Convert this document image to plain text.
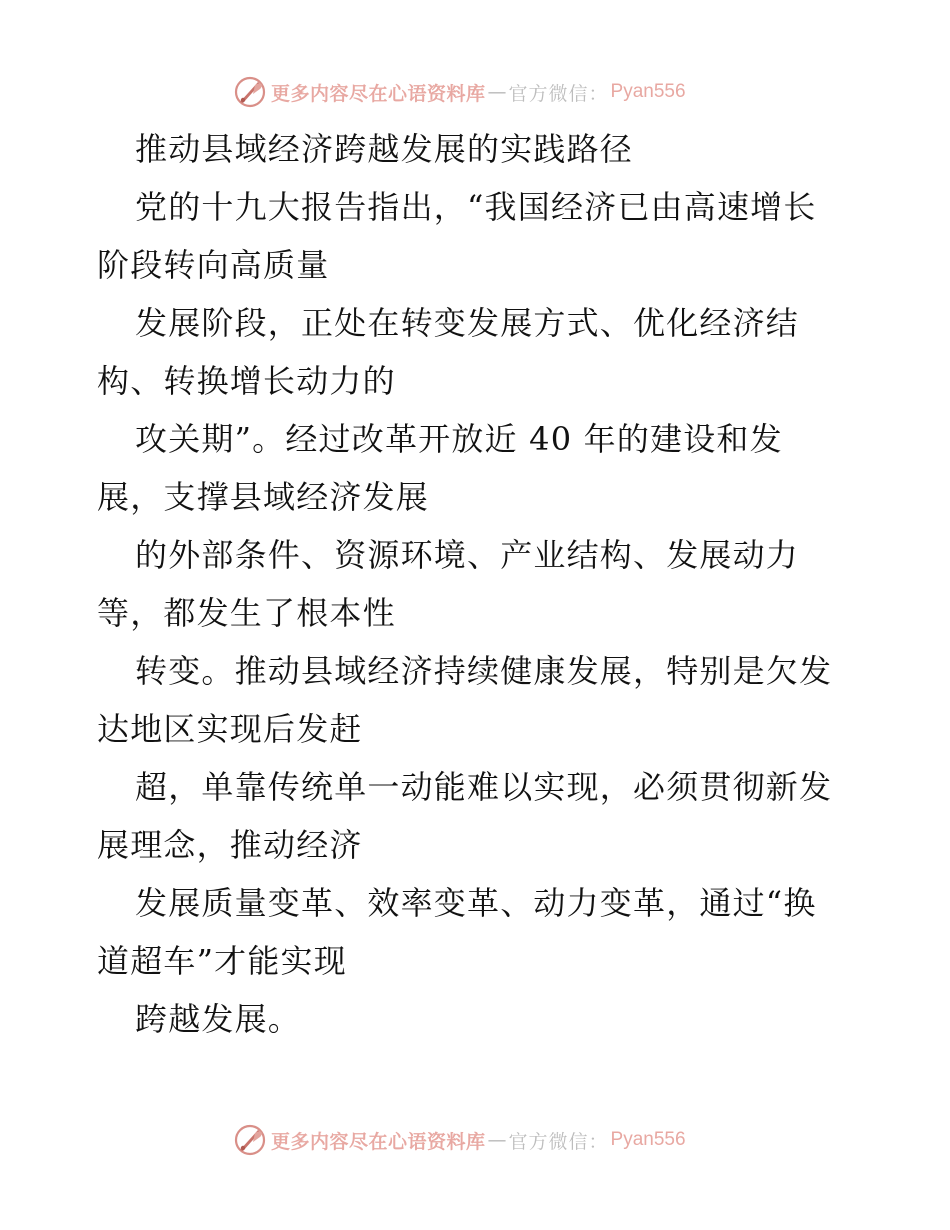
更多内容尽在心语资料库 — 官方微信： Pyan556
推动县域经济跨越发展的实践路径
党的十九大报告指出，“我国经济已由高速增长
阶段转向高质量
发展阶段，正处在转变发展方式、优化经济结
构、转换增长动力的
攻关期”。经过改革开放近 40 年的建设和发
展，支撑县域经济发展
的外部条件、资源环境、产业结构、发展动力
等，都发生了根本性
转变。推动县域经济持续健康发展，特别是欠发
达地区实现后发赶
超，单靠传统单一动能难以实现，必须贯彻新发
展理念，推动经济
发展质量变革、效率变革、动力变革，通过“换
道超车”才能实现
跨越发展。
更多内容尽在心语资料库 — 官方微信： Pyan556
